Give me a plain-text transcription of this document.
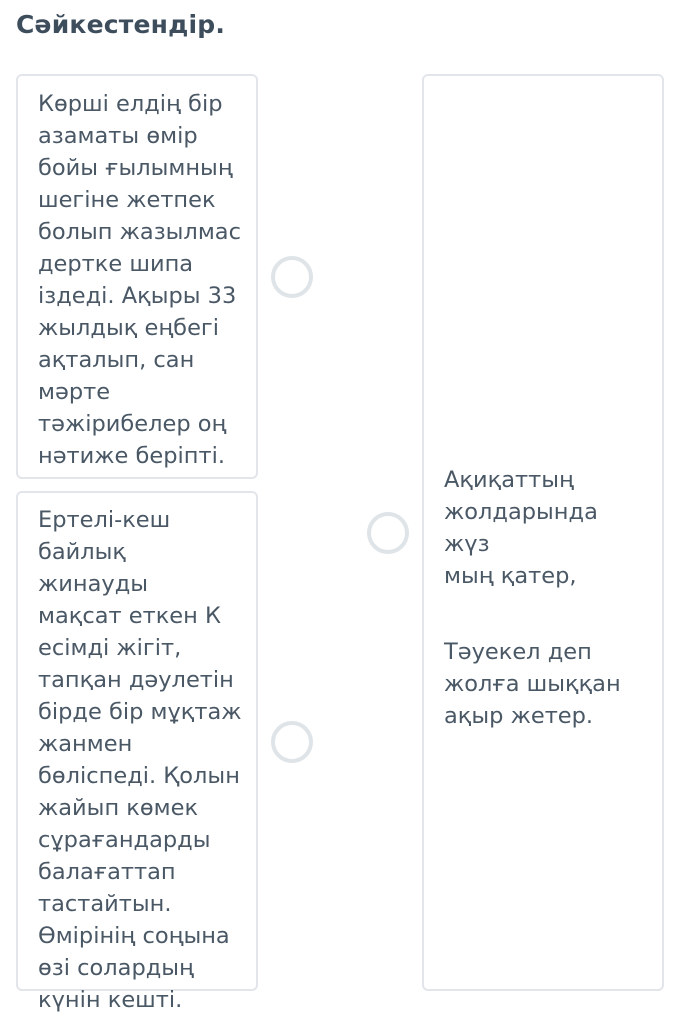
Сәйкестендір.
Көрші елдің бір
азаматы өмір
бойы ғылымның
шегіне жетпек
болып жазылмас
дертке шипа
іздеді. Ақыры 33
жылдық еңбегі
ақталып, сан
мәрте
тәжірибелер оң
нәтиже беріпті.
Ертелі-кеш
байлық жинауды
мақсат еткен К
есімді жігіт,
тапқан дәулетін
бірде бір мұқтаж
жанмен
бөліспеді. Қолын
жайып көмек
сұрағандарды
балағаттап
тастайтын.
Өмірінің соңына
өзі солардың
күнін кешті.

Ақиқаттың
жолдарында жүз
мың қатер,

Тәуекел деп
жолға шыққан
ақыр жетер.
